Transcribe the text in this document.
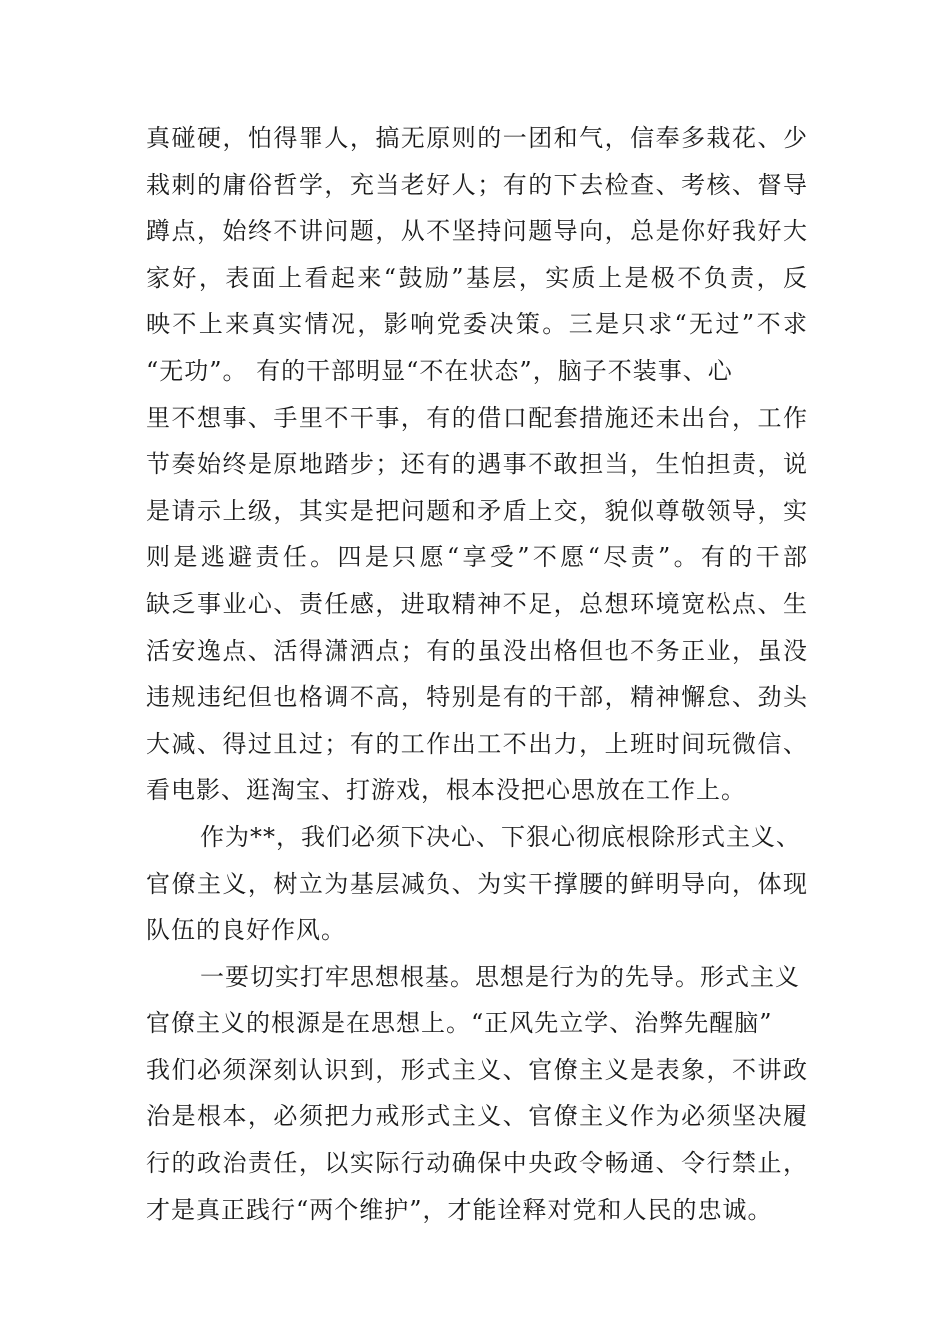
真碰硬，怕得罪人，搞无原则的一团和气，信奉多栽花、少
栽刺的庸俗哲学，充当老好人；有的下去检查、考核、督导
蹲点，始终不讲问题，从不坚持问题导向，总是你好我好大
家好，表面上看起来“鼓励”基层，实质上是极不负责，反
映不上来真实情况，影响党委决策。三是只求“无过”不求
“无功”。 有的干部明显“不在状态”，脑子不装事、心
里不想事、手里不干事，有的借口配套措施还未出台，工作
节奏始终是原地踏步；还有的遇事不敢担当，生怕担责，说
是请示上级，其实是把问题和矛盾上交，貌似尊敬领导，实
则是逃避责任。四是只愿“享受”不愿“尽责”。有的干部
缺乏事业心、责任感，进取精神不足，总想环境宽松点、生
活安逸点、活得潇洒点；有的虽没出格但也不务正业，虽没
违规违纪但也格调不高，特别是有的干部，精神懈怠、劲头
大减、得过且过；有的工作出工不出力，上班时间玩微信、
看电影、逛淘宝、打游戏，根本没把心思放在工作上。
作为**，我们必须下决心、下狠心彻底根除形式主义、
官僚主义，树立为基层减负、为实干撑腰的鲜明导向，体现
队伍的良好作风。
一要切实打牢思想根基。思想是行为的先导。形式主义
官僚主义的根源是在思想上。“正风先立学、治弊先醒脑”
我们必须深刻认识到，形式主义、官僚主义是表象，不讲政
治是根本，必须把力戒形式主义、官僚主义作为必须坚决履
行的政治责任，以实际行动确保中央政令畅通、令行禁止，
才是真正践行“两个维护”，才能诠释对党和人民的忠诚。
